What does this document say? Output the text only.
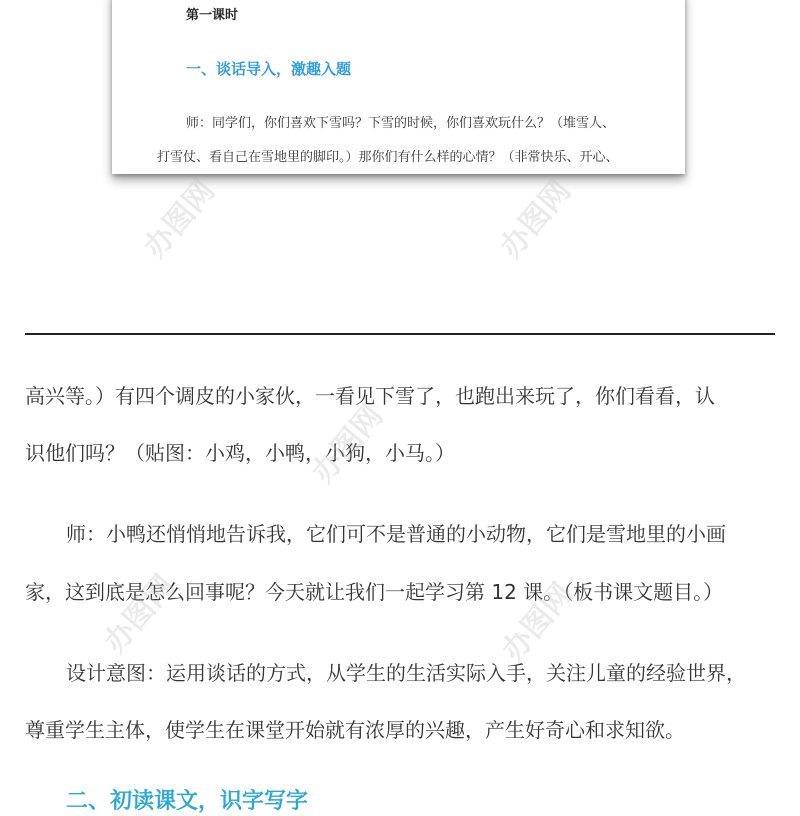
第一课时
一、谈话导入，激趣入题
师：同学们，你们喜欢下雪吗？下雪的时候，你们喜欢玩什么？（堆雪人、
打雪仗、看自己在雪地里的脚印。）那你们有什么样的心情？（非常快乐、开心、
办图网	办图网
高兴等。）有四个调皮的小家伙，一看见下雪了，也跑出来玩了，你们看看，认
识他们吗？（贴图：小鸡，小鸭，小狗，小马。）
师：小鸭还悄悄地告诉我，它们可不是普通的小动物，它们是雪地里的小画
家，这到底是怎么回事呢？今天就让我们一起学习第 12 课。（板书课文题目。）
设计意图：运用谈话的方式，从学生的生活实际入手，关注儿童的经验世界，
尊重学生主体，使学生在课堂开始就有浓厚的兴趣，产生好奇心和求知欲。
办图网
办图网	办图网
二、初读课文，识字写字
